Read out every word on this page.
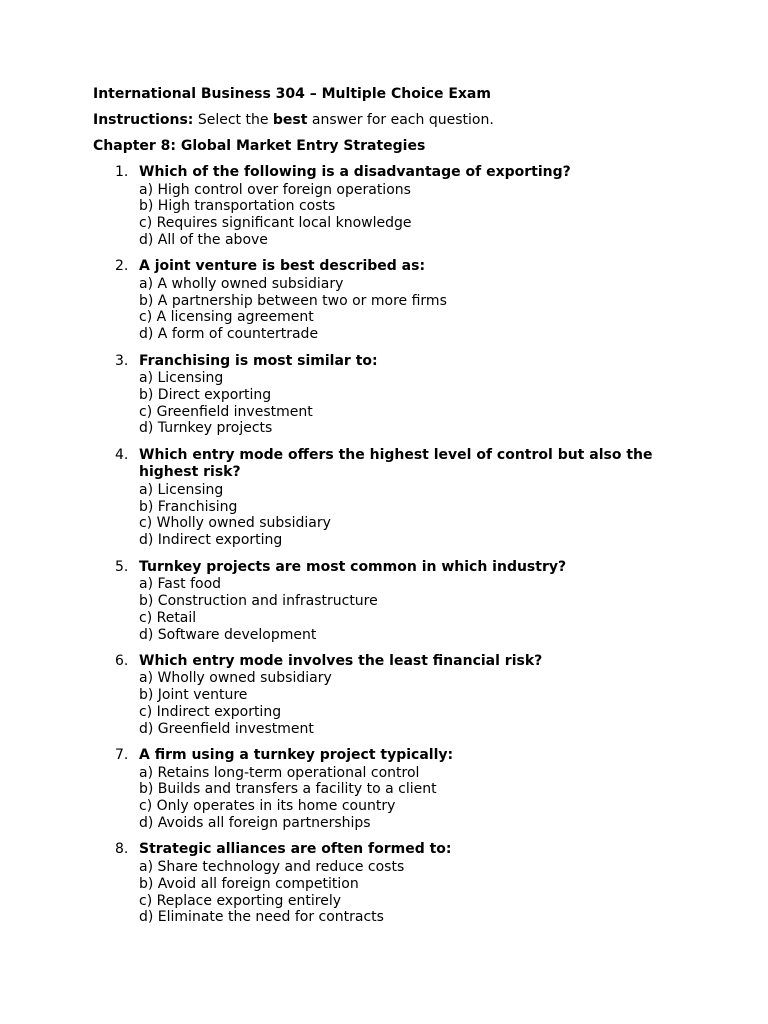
International Business 304 – Multiple Choice Exam

Instructions: Select the best answer for each question.

Chapter 8: Global Market Entry Strategies

1. Which of the following is a disadvantage of exporting?
a) High control over foreign operations
b) High transportation costs
c) Requires significant local knowledge
d) All of the above
2. A joint venture is best described as:
a) A wholly owned subsidiary
b) A partnership between two or more firms
c) A licensing agreement
d) A form of countertrade
3. Franchising is most similar to:
a) Licensing
b) Direct exporting
c) Greenfield investment
d) Turnkey projects
4. Which entry mode offers the highest level of control but also the highest risk?
a) Licensing
b) Franchising
c) Wholly owned subsidiary
d) Indirect exporting
5. Turnkey projects are most common in which industry?
a) Fast food
b) Construction and infrastructure
c) Retail
d) Software development
6. Which entry mode involves the least financial risk?
a) Wholly owned subsidiary
b) Joint venture
c) Indirect exporting
d) Greenfield investment
7. A firm using a turnkey project typically:
a) Retains long-term operational control
b) Builds and transfers a facility to a client
c) Only operates in its home country
d) Avoids all foreign partnerships
8. Strategic alliances are often formed to:
a) Share technology and reduce costs
b) Avoid all foreign competition
c) Replace exporting entirely
d) Eliminate the need for contracts
